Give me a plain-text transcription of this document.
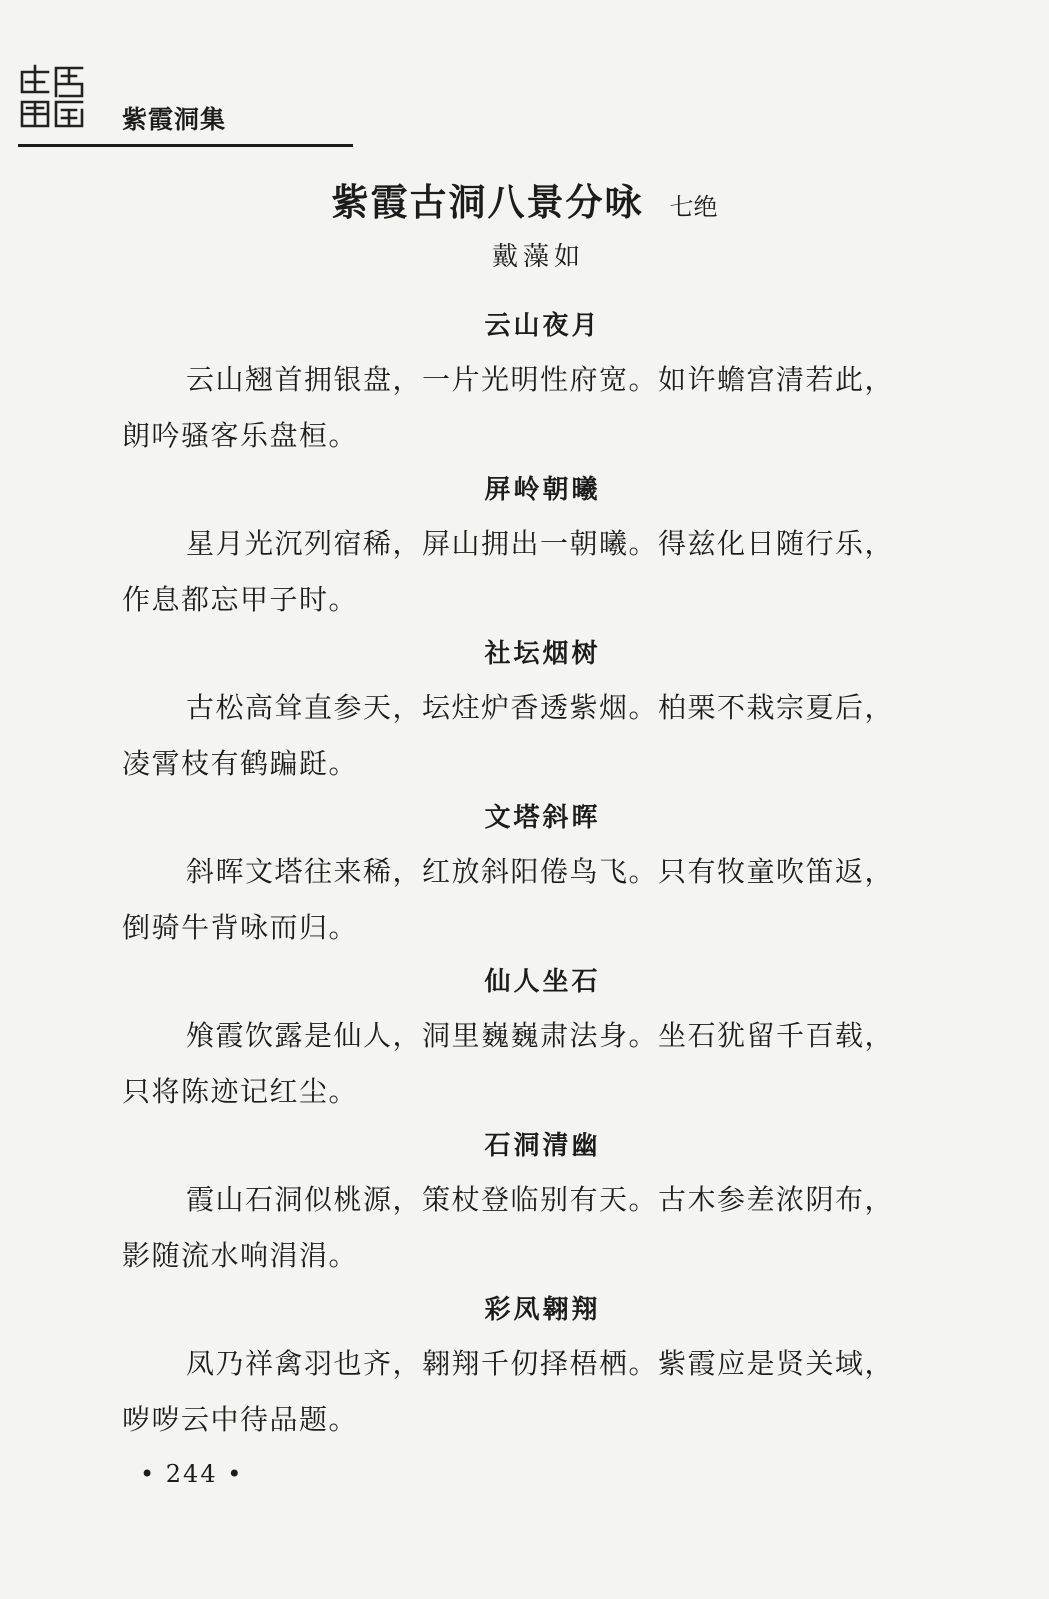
紫霞洞集
紫霞古洞八景分咏 七绝
戴藻如
云山夜月
云山翘首拥银盘，一片光明性府宽。如许蟾宫清若此，
朗吟骚客乐盘桓。
屏岭朝曦
星月光沉列宿稀，屏山拥出一朝曦。得兹化日随行乐，
作息都忘甲子时。
社坛烟树
古松高耸直参天，坛炷炉香透紫烟。柏栗不栽宗夏后，
凌霄枝有鹤蹁跹。
文塔斜晖
斜晖文塔往来稀，红放斜阳倦鸟飞。只有牧童吹笛返，
倒骑牛背咏而归。
仙人坐石
飧霞饮露是仙人，洞里巍巍肃法身。坐石犹留千百载，
只将陈迹记红尘。
石洞清幽
霞山石洞似桃源，策杖登临别有天。古木参差浓阴布，
影随流水响涓涓。
彩凤翱翔
凤乃祥禽羽也齐，翱翔千仞择梧栖。紫霞应是贤关域，
哕哕云中待品题。
• 244 •
